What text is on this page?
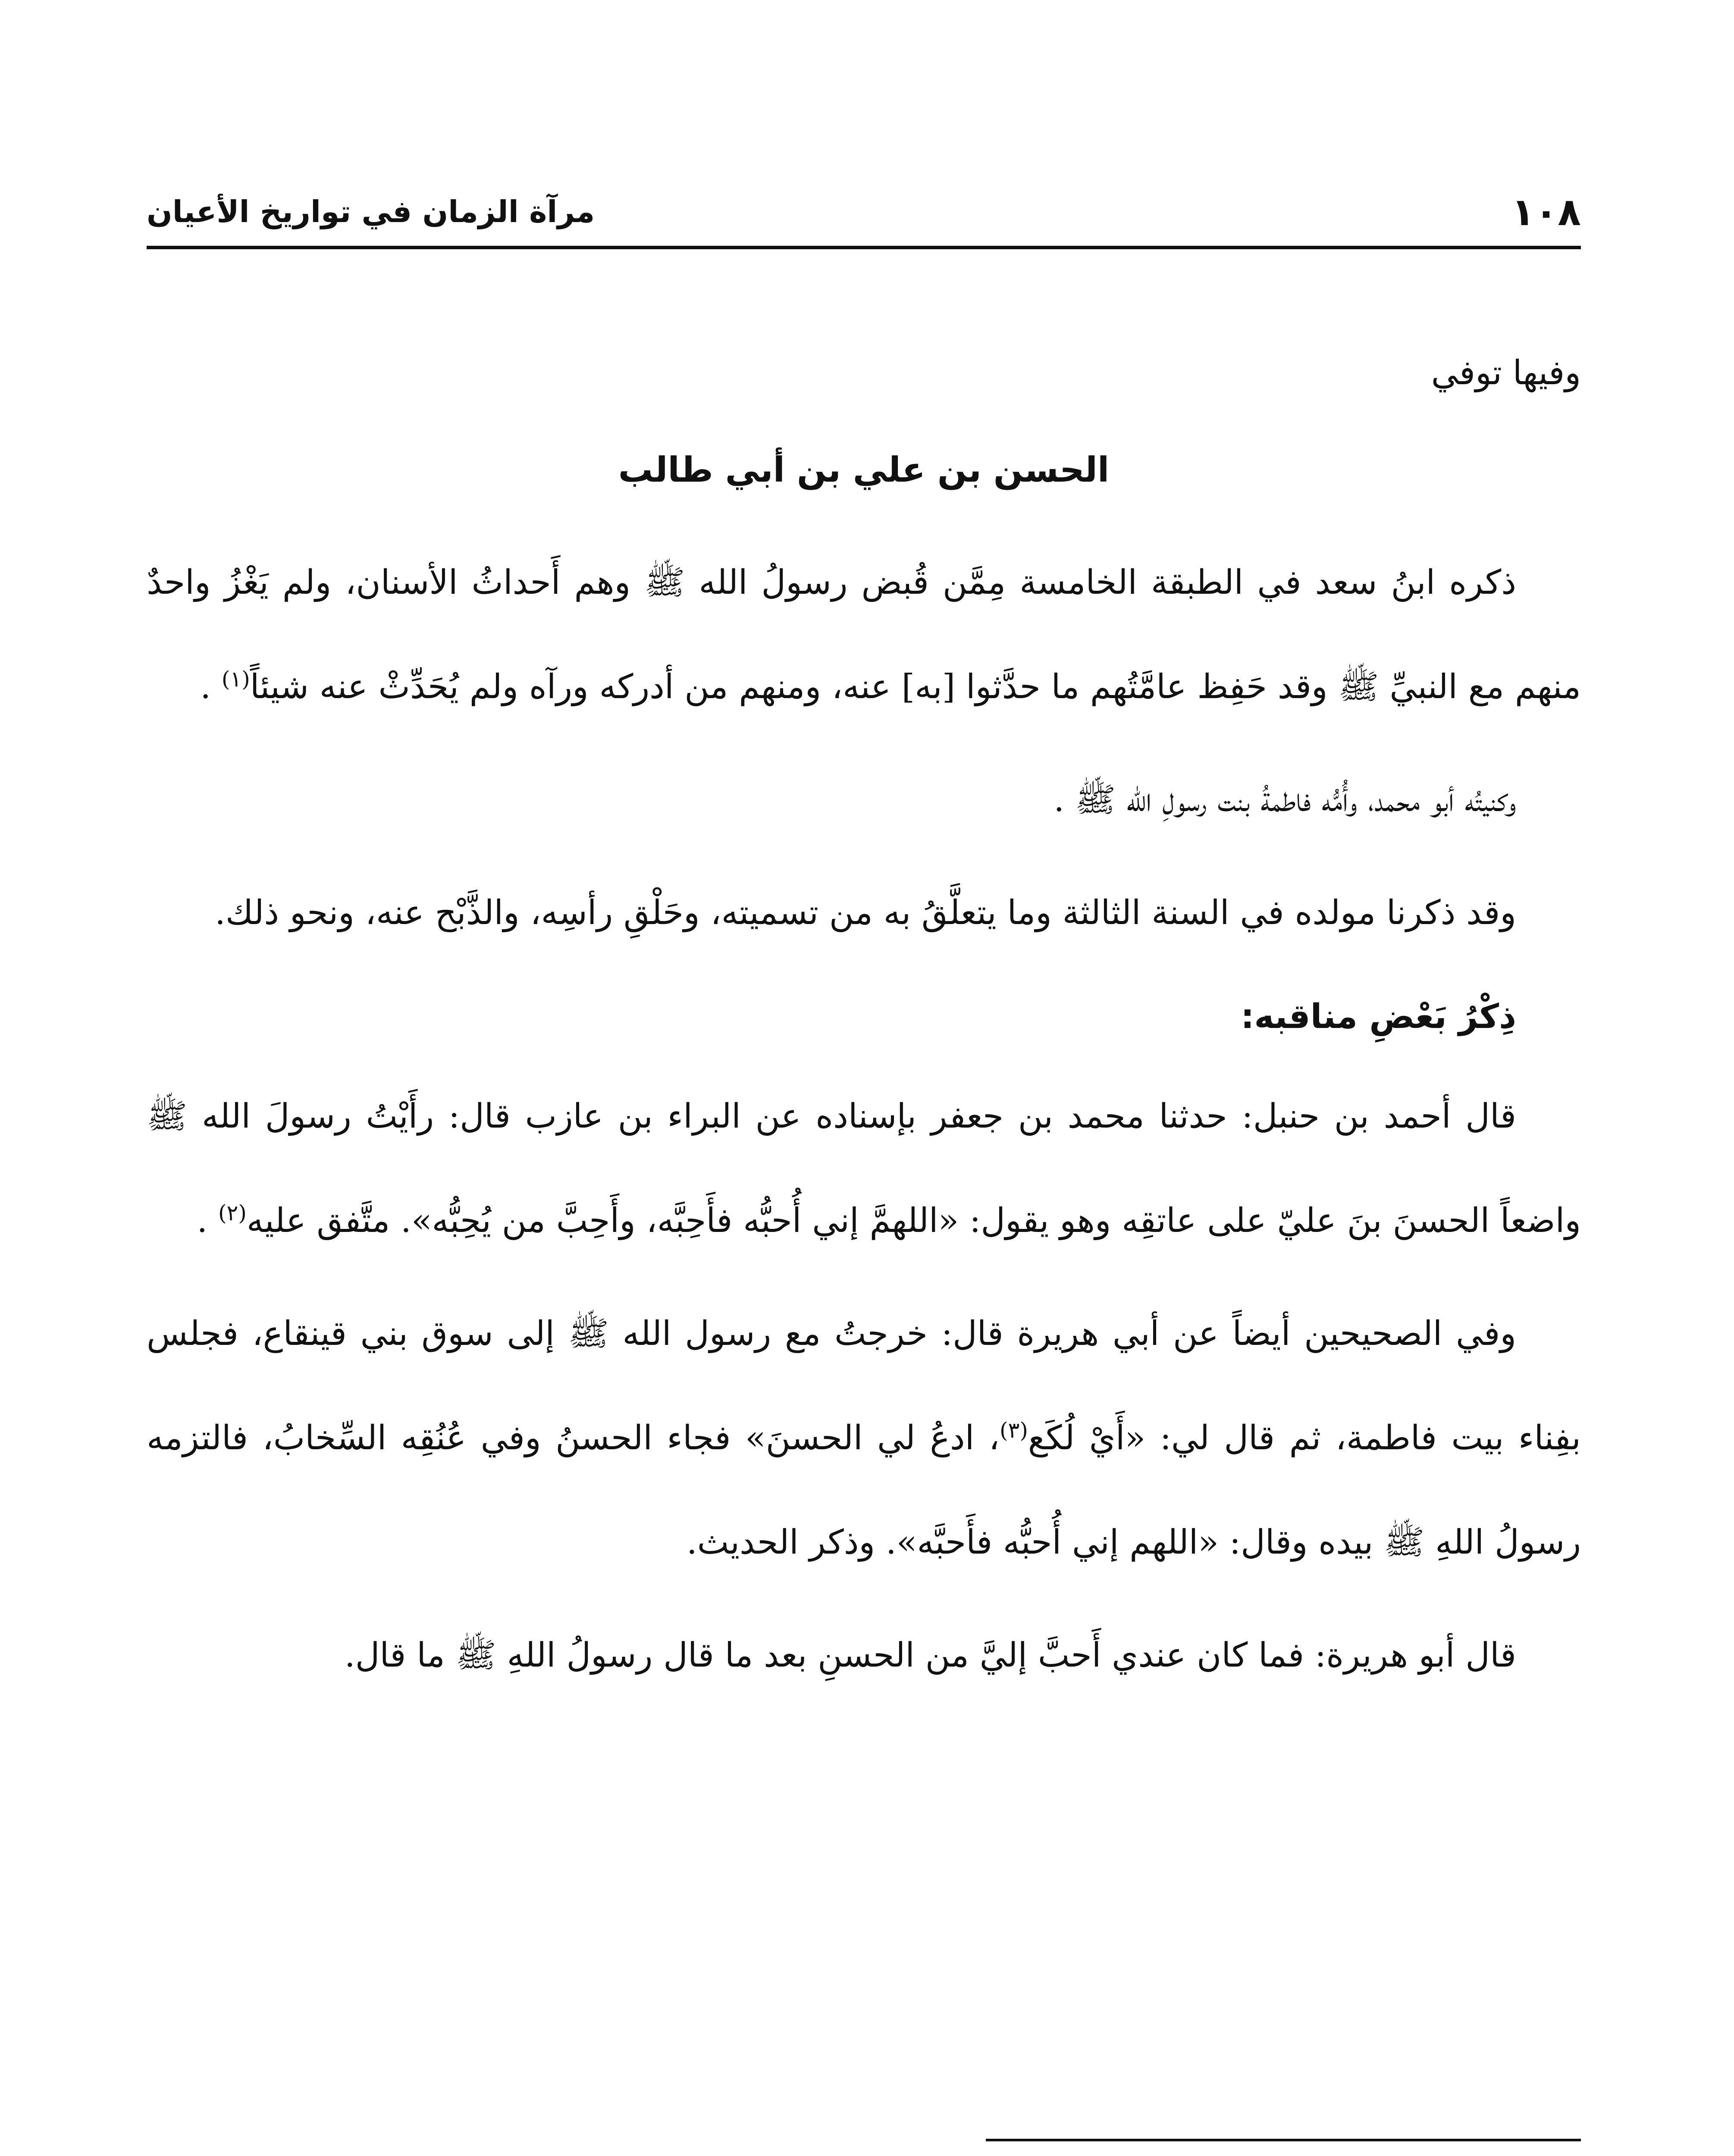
١٠٨
مرآة الزمان في تواريخ الأعيان

وفيها توفي

الحسن بن علي بن أبي طالب

ذكره ابنُ سعد في الطبقة الخامسة مِمَّن قُبض رسولُ الله ﷺ وهم أَحداثُ الأسنان، ولم يَغْزُ واحدٌ منهم مع النبيِّ ﷺ وقد حَفِظ عامَّتُهم ما حدَّثوا [به] عنه، ومنهم من أدركه ورآه ولم يُحَدِّثْ عنه شيئاً$^{(١)}$ .

وكنيتُه أبو محمد، وأُمُّه فاطمةُ بنت رسولِ الله ﷺ .

وقد ذكرنا مولده في السنة الثالثة وما يتعلَّقُ به من تسميته، وحَلْقِ رأسِه، والذَّبْح عنه، ونحو ذلك.

ذِكْرُ بَعْضِ مناقبه:

قال أحمد بن حنبل: حدثنا محمد بن جعفر بإسناده عن البراء بن عازب قال: رأَيْتُ رسولَ الله ﷺ واضعاً الحسنَ بنَ عليّ على عاتقِه وهو يقول: «اللهمَّ إني أُحبُّه فأَحِبَّه، وأَحِبَّ من يُحِبُّه». متَّفق عليه$^{(٢)}$ .

وفي الصحيحين أيضاً عن أبي هريرة قال: خرجتُ مع رسول الله ﷺ إلى سوق بني قينقاع، فجلس بفِناء بيت فاطمة، ثم قال لي: «أَيْ لُكَع$^{(٣)}$، ادعُ لي الحسنَ» فجاء الحسنُ وفي عُنُقِه السِّخابُ، فالتزمه رسولُ اللهِ ﷺ بيده وقال: «اللهم إني أُحبُّه فأَحبَّه». وذكر الحديث.

قال أبو هريرة: فما كان عندي أَحبَّ إليَّ من الحسنِ بعد ما قال رسولُ اللهِ ﷺ ما قال.
